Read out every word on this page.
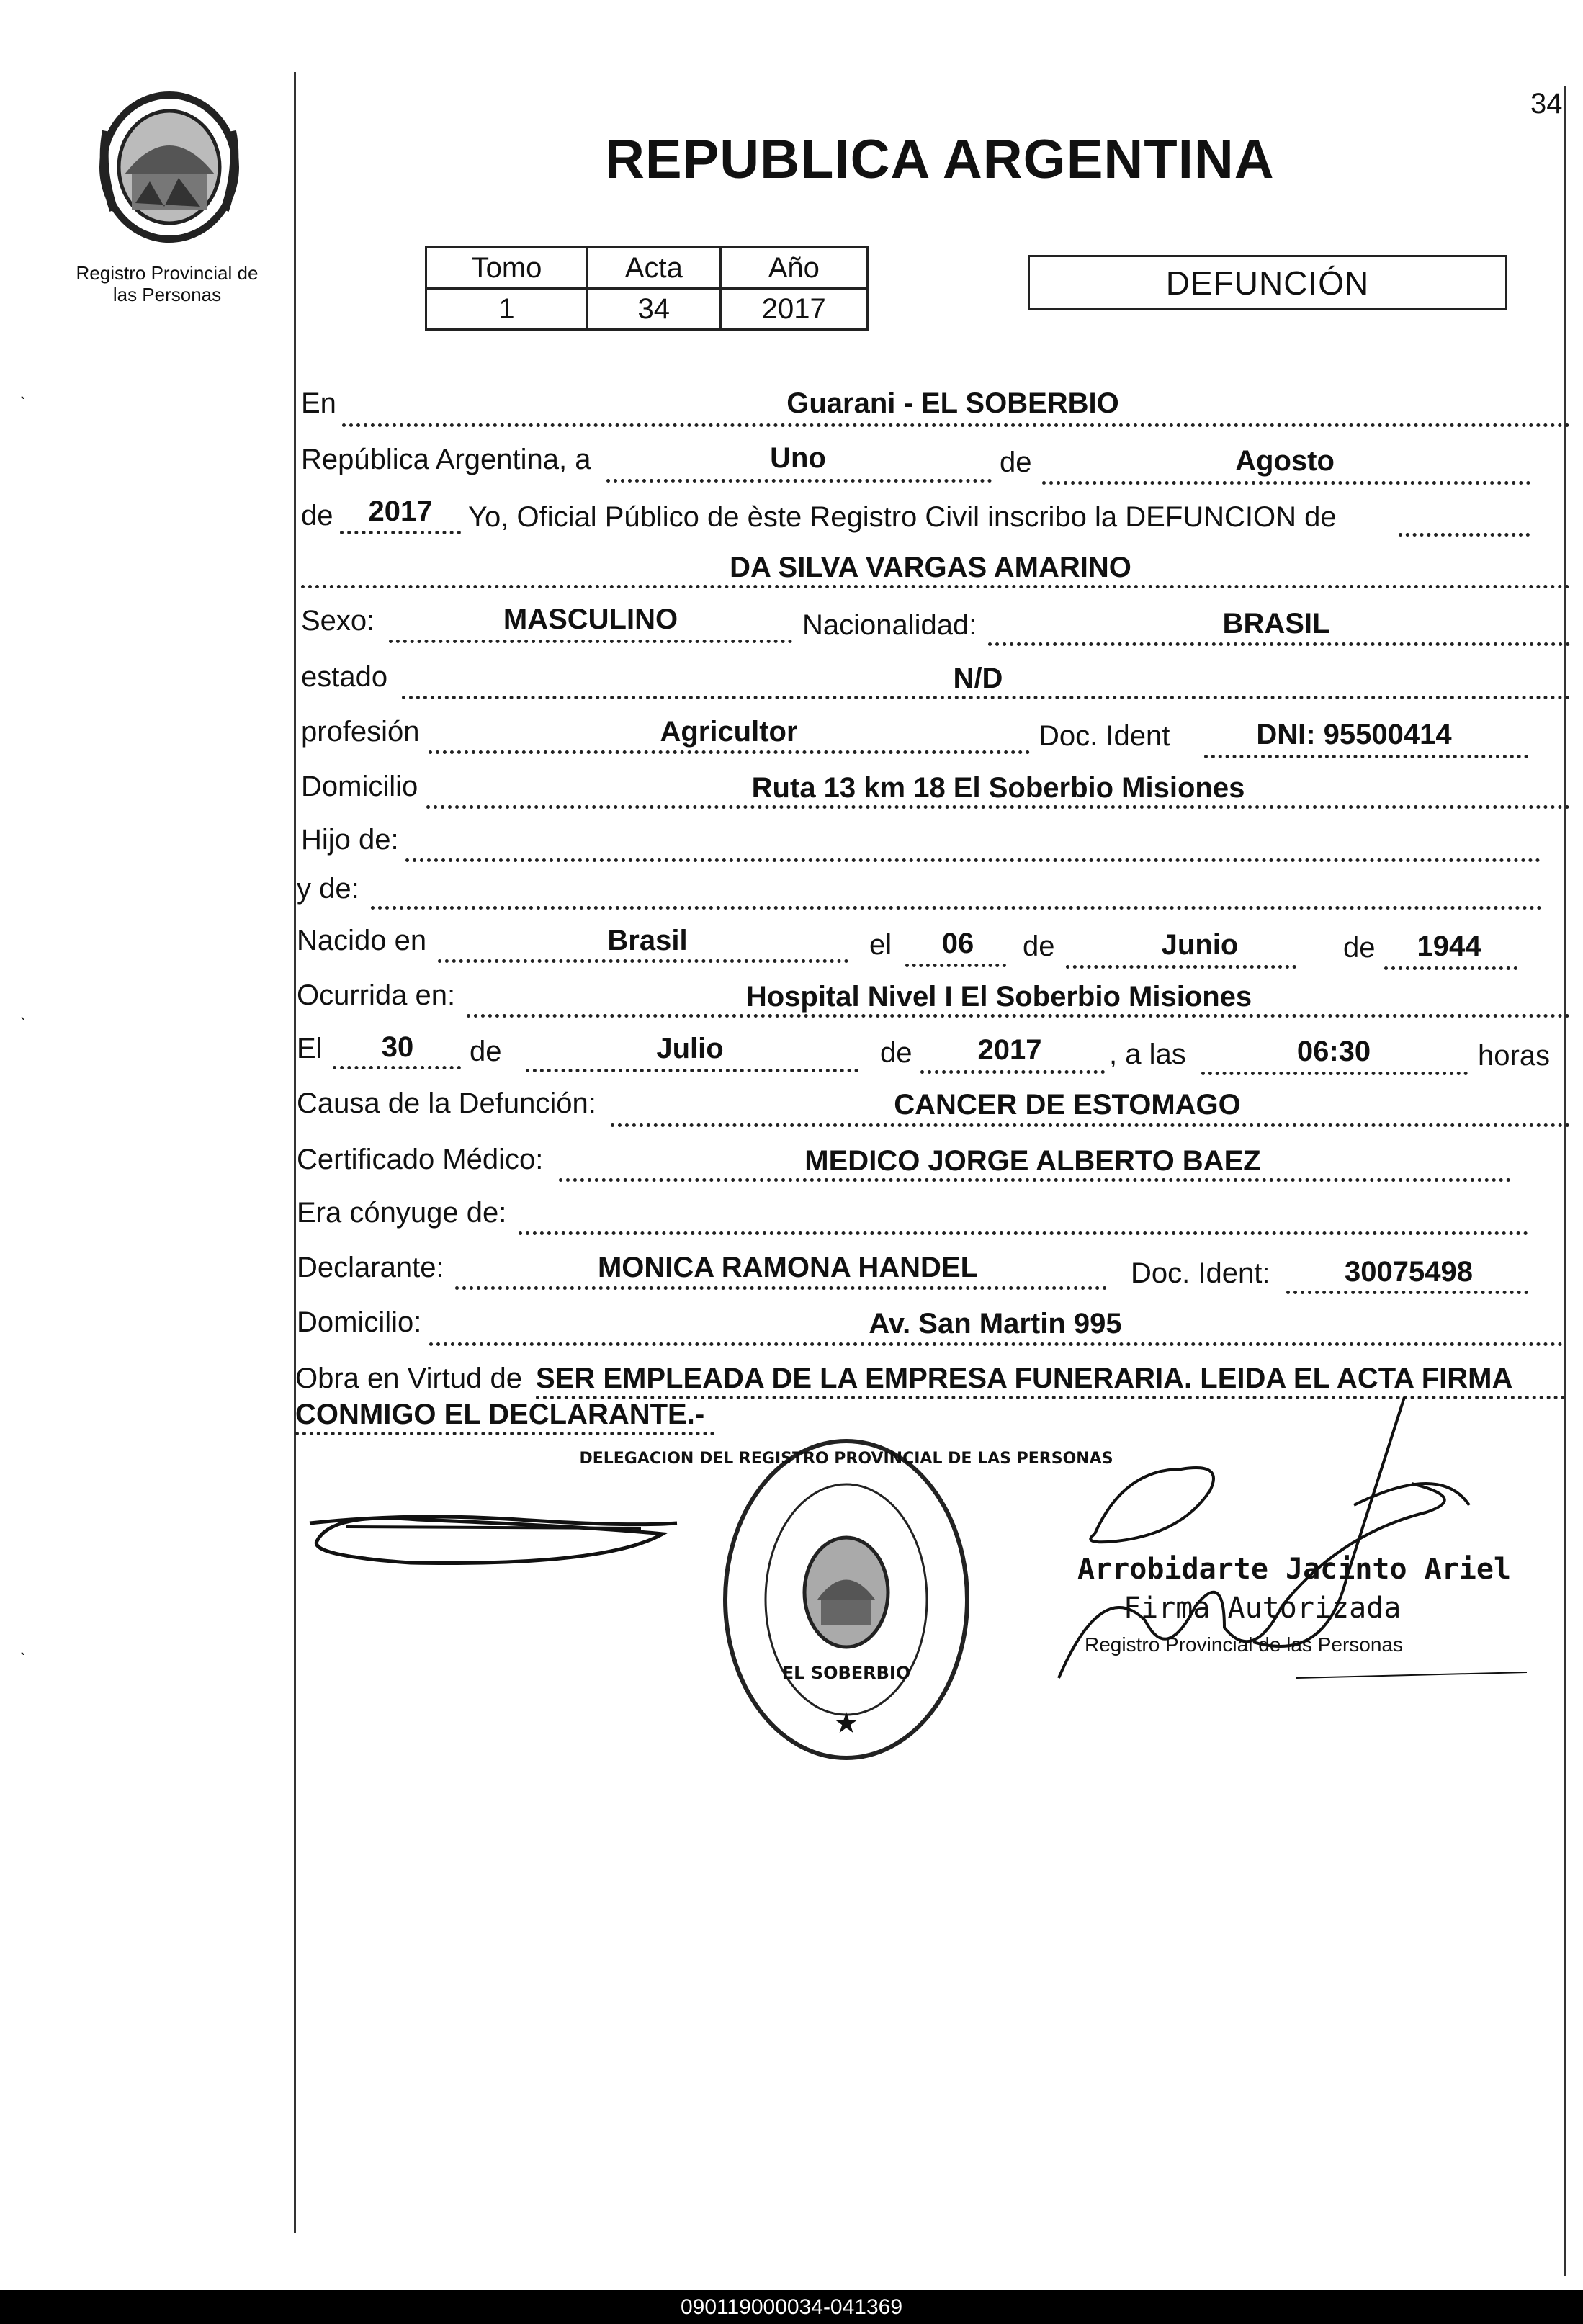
34
Registro Provincial de
las Personas
REPUBLICA ARGENTINA
Tomo	Acta	Año
1	34	2017
DEFUNCIÓN
En	Guarani - EL SOBERBIO
República Argentina, a	Uno	de	Agosto
de 2017 Yo, Oficial Público de èste Registro Civil inscribo la DEFUNCION de
DA SILVA VARGAS AMARINO
Sexo:	MASCULINO	Nacionalidad:	BRASIL
estado	N/D
profesión	Agricultor	Doc. Ident	DNI: 95500414
Domicilio	Ruta 13 km 18 El Soberbio Misiones
Hijo de:
y de:
Nacido en	Brasil	el 06 de	Junio	de 1944
Ocurrida en:	Hospital Nivel I El Soberbio Misiones
El 30 de	Julio	de 2017 , a las	06:30	horas
Causa de la Defunción:	CANCER DE ESTOMAGO
Certificado Médico:	MEDICO JORGE ALBERTO BAEZ
Era cónyuge de:
Declarante:	MONICA RAMONA HANDEL	Doc. Ident:	30075498
Domicilio:	Av. San Martin 995
Obra en Virtud de SER EMPLEADA DE LA EMPRESA FUNERARIA. LEIDA EL ACTA FIRMA
CONMIGO EL DECLARANTE.-
★
DELEGACION DEL REGISTRO PROVINCIAL DE LAS PERSONAS
EL SOBERBIO
Arrobidarte Jacinto Ariel
Firma Autorizada
Registro Provincial de las Personas
ˎ
ˎ
ˎ
090119000034-041369
